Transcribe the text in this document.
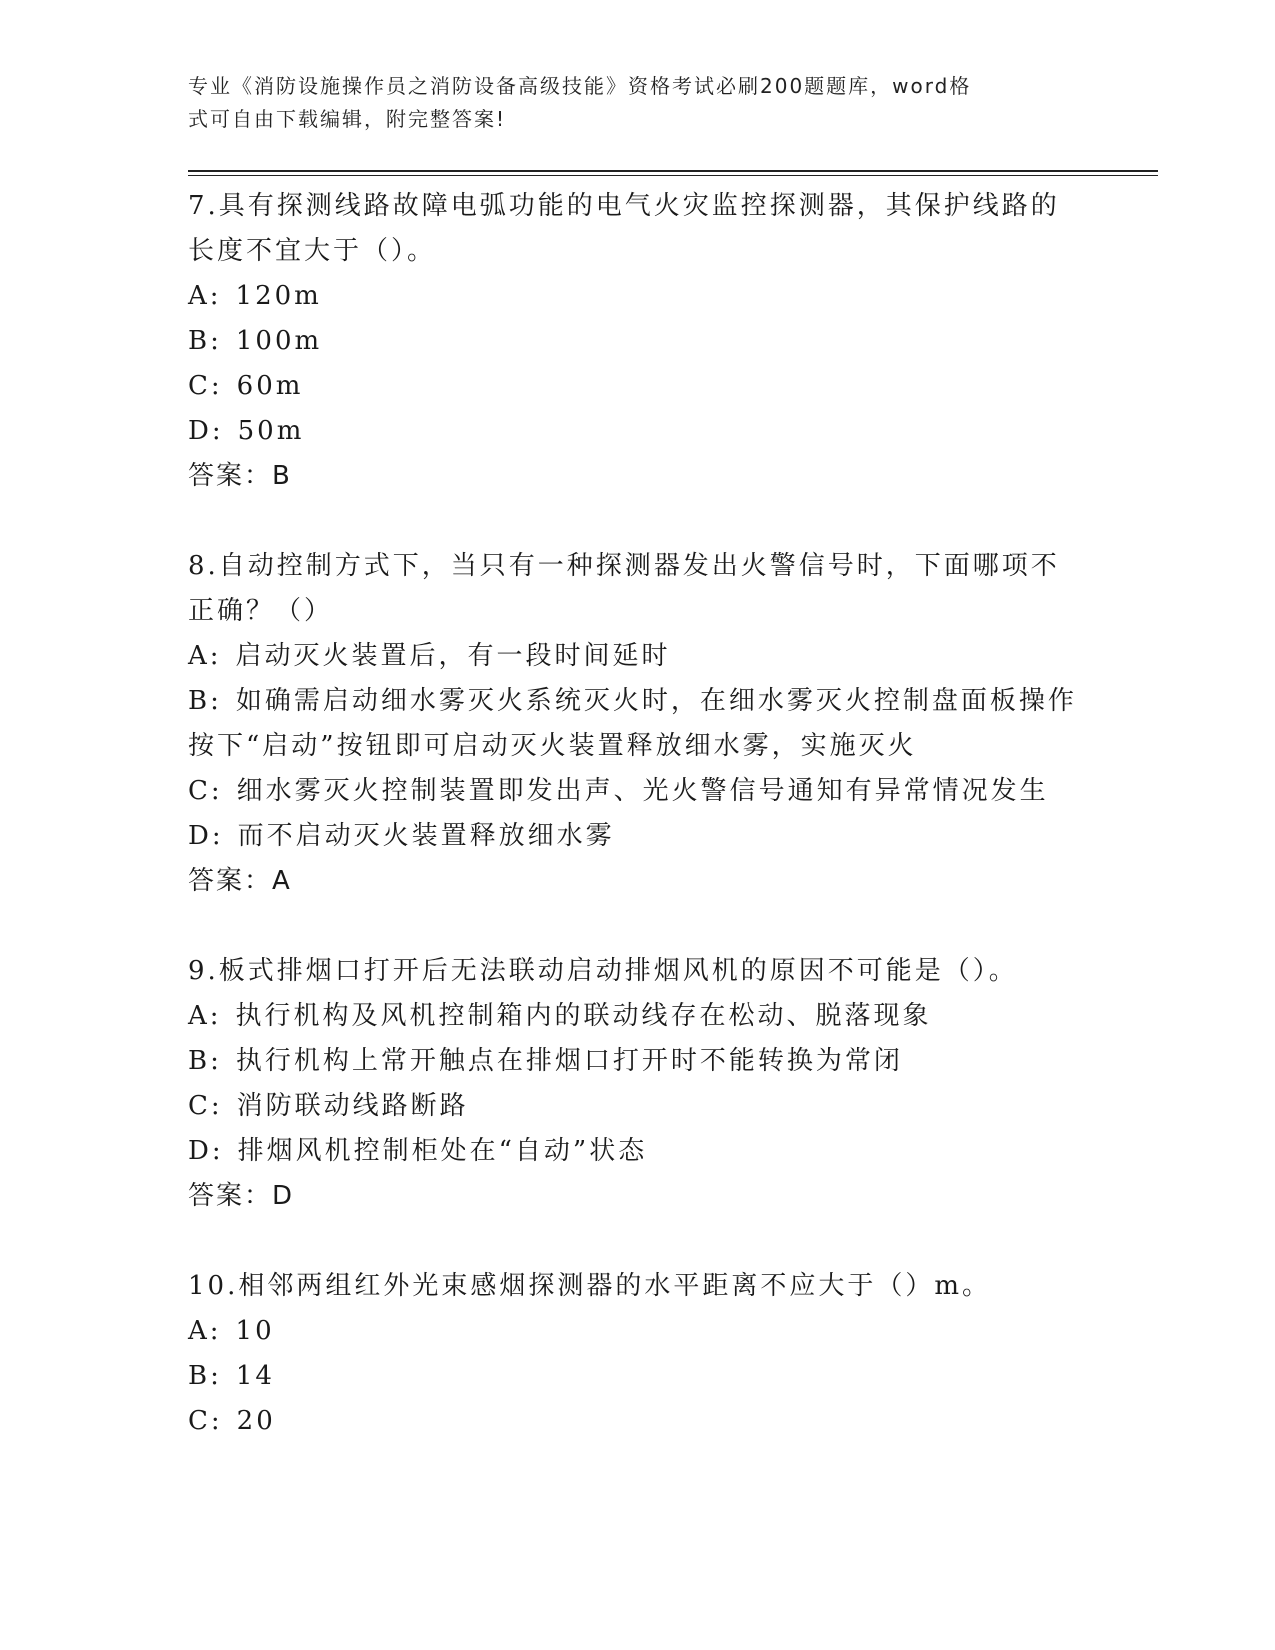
专业《消防设施操作员之消防设备高级技能》资格考试必刷200题题库，word格
式可自由下载编辑，附完整答案!

7.具有探测线路故障电弧功能的电气火灾监控探测器，其保护线路的长度不宜大于（）。

A: 120m

B: 100m

C: 60m

D: 50m

答案：B

8.自动控制方式下，当只有一种探测器发出火警信号时，下面哪项不正确？（）

A: 启动灭火装置后，有一段时间延时

B: 如确需启动细水雾灭火系统灭火时，在细水雾灭火控制盘面板操作按下“启动”按钮即可启动灭火装置释放细水雾，实施灭火

C: 细水雾灭火控制装置即发出声、光火警信号通知有异常情况发生

D: 而不启动灭火装置释放细水雾

答案：A

9.板式排烟口打开后无法联动启动排烟风机的原因不可能是（）。

A: 执行机构及风机控制箱内的联动线存在松动、脱落现象

B: 执行机构上常开触点在排烟口打开时不能转换为常闭

C: 消防联动线路断路

D: 排烟风机控制柜处在“自动”状态

答案：D

10.相邻两组红外光束感烟探测器的水平距离不应大于（）m。

A: 10

B: 14

C: 20
